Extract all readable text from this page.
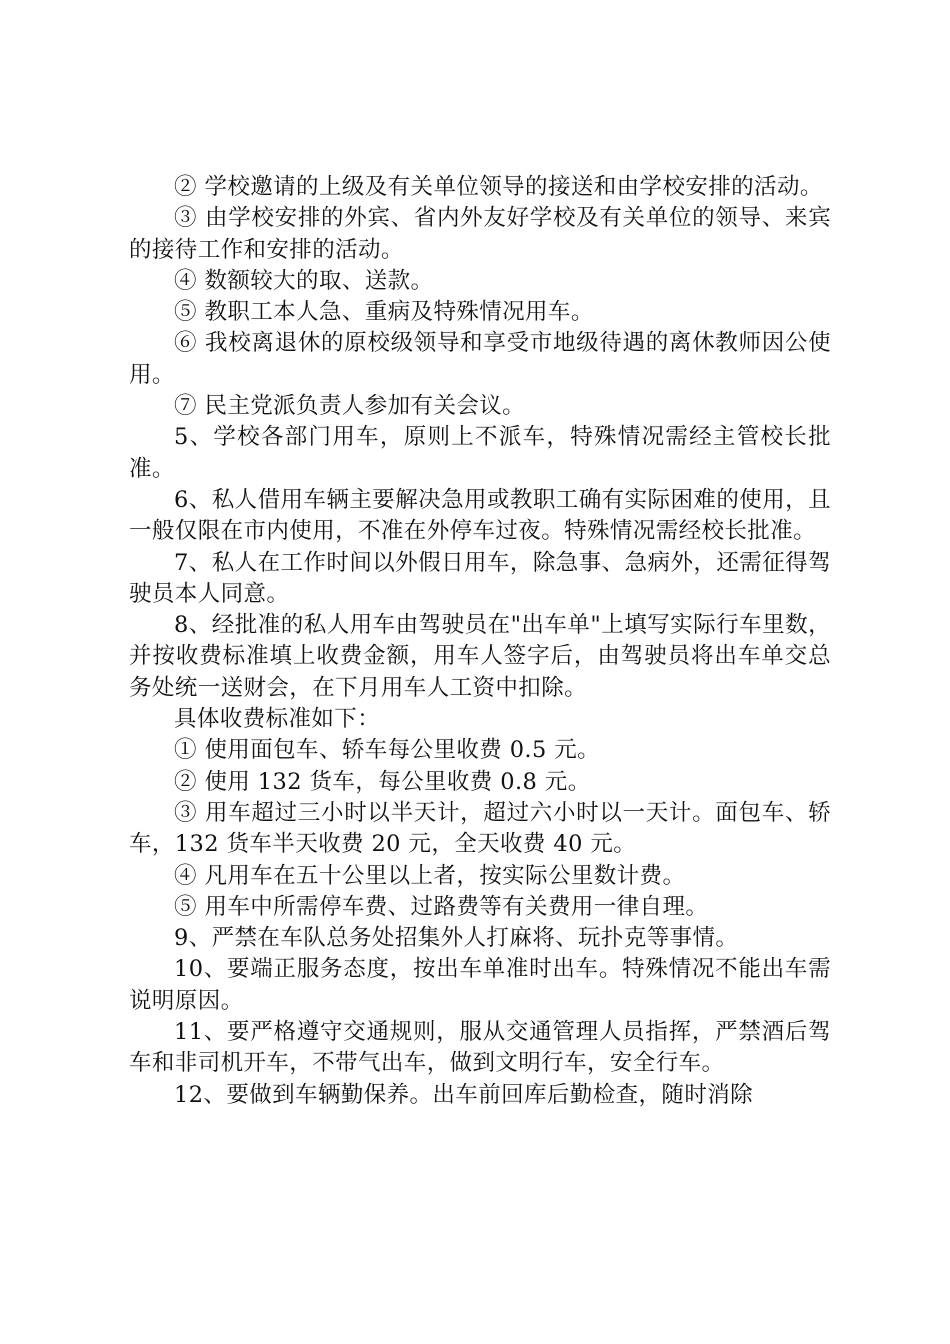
② 学校邀请的上级及有关单位领导的接送和由学校安排的活动。

③ 由学校安排的外宾、省内外友好学校及有关单位的领导、来宾的接待工作和安排的活动。

④ 数额较大的取、送款。

⑤ 教职工本人急、重病及特殊情况用车。

⑥ 我校离退休的原校级领导和享受市地级待遇的离休教师因公使用。

⑦ 民主党派负责人参加有关会议。

5、学校各部门用车，原则上不派车，特殊情况需经主管校长批准。

6、私人借用车辆主要解决急用或教职工确有实际困难的使用，且一般仅限在市内使用，不准在外停车过夜。特殊情况需经校长批准。

7、私人在工作时间以外假日用车，除急事、急病外，还需征得驾驶员本人同意。

8、经批准的私人用车由驾驶员在"出车单"上填写实际行车里数，并按收费标准填上收费金额，用车人签字后，由驾驶员将出车单交总务处统一送财会，在下月用车人工资中扣除。

具体收费标准如下：

① 使用面包车、轿车每公里收费 0.5 元。

② 使用 132 货车，每公里收费 0.8 元。

③ 用车超过三小时以半天计，超过六小时以一天计。面包车、轿车，132 货车半天收费 20 元，全天收费 40 元。

④ 凡用车在五十公里以上者，按实际公里数计费。

⑤ 用车中所需停车费、过路费等有关费用一律自理。

9、严禁在车队总务处招集外人打麻将、玩扑克等事情。

10、要端正服务态度，按出车单准时出车。特殊情况不能出车需说明原因。

11、要严格遵守交通规则，服从交通管理人员指挥，严禁酒后驾车和非司机开车，不带气出车，做到文明行车，安全行车。

12、要做到车辆勤保养。出车前回库后勤检查，随时消除
